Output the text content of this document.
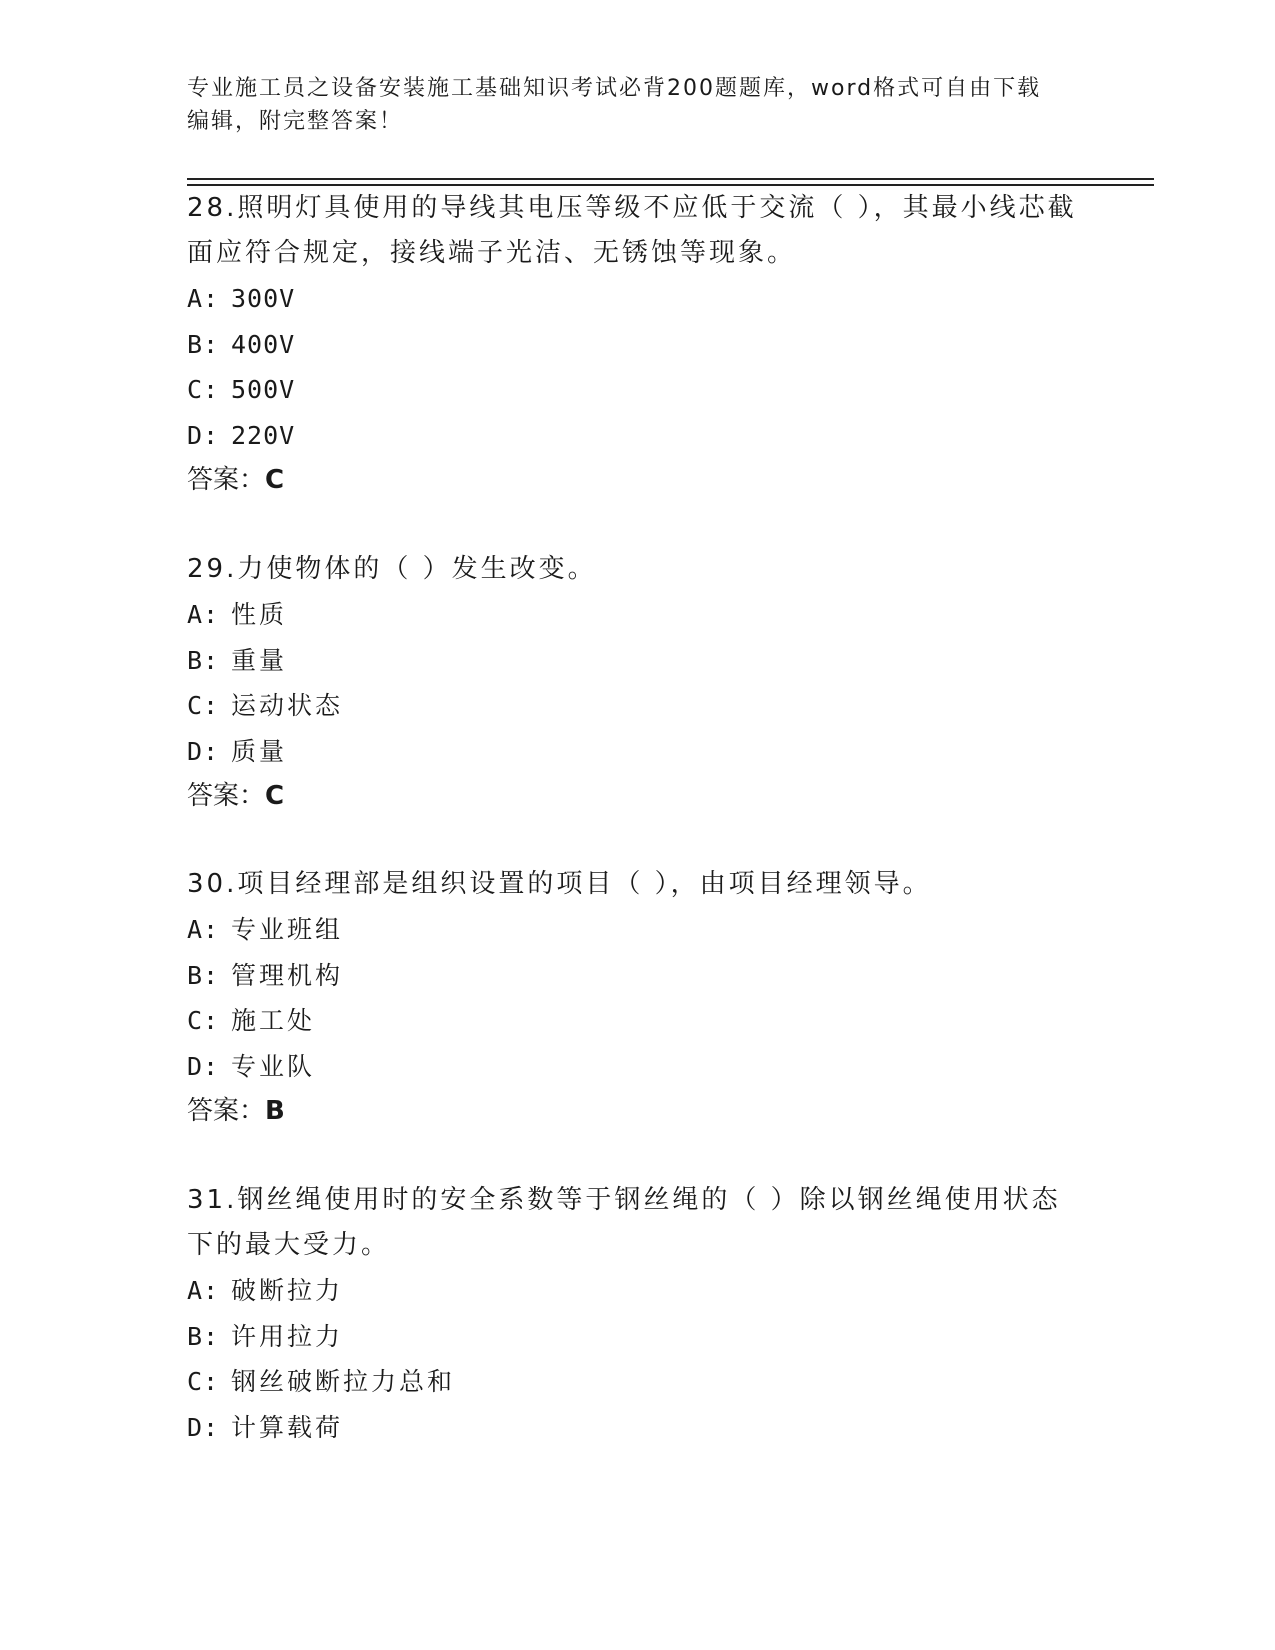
专业施工员之设备安装施工基础知识考试必背200题题库，word格式可自由下载
编辑，附完整答案！

28.照明灯具使用的导线其电压等级不应低于交流（ ），其最小线芯截面应符合规定，接线端子光洁、无锈蚀等现象。

A: 300V

B: 400V

C: 500V

D: 220V

答案：C

29.力使物体的（ ）发生改变。

A: 性质

B: 重量

C: 运动状态

D: 质量

答案：C

30.项目经理部是组织设置的项目（ ），由项目经理领导。

A: 专业班组

B: 管理机构

C: 施工处

D: 专业队

答案：B

31.钢丝绳使用时的安全系数等于钢丝绳的（ ）除以钢丝绳使用状态下的最大受力。

A: 破断拉力

B: 许用拉力

C: 钢丝破断拉力总和

D: 计算载荷
